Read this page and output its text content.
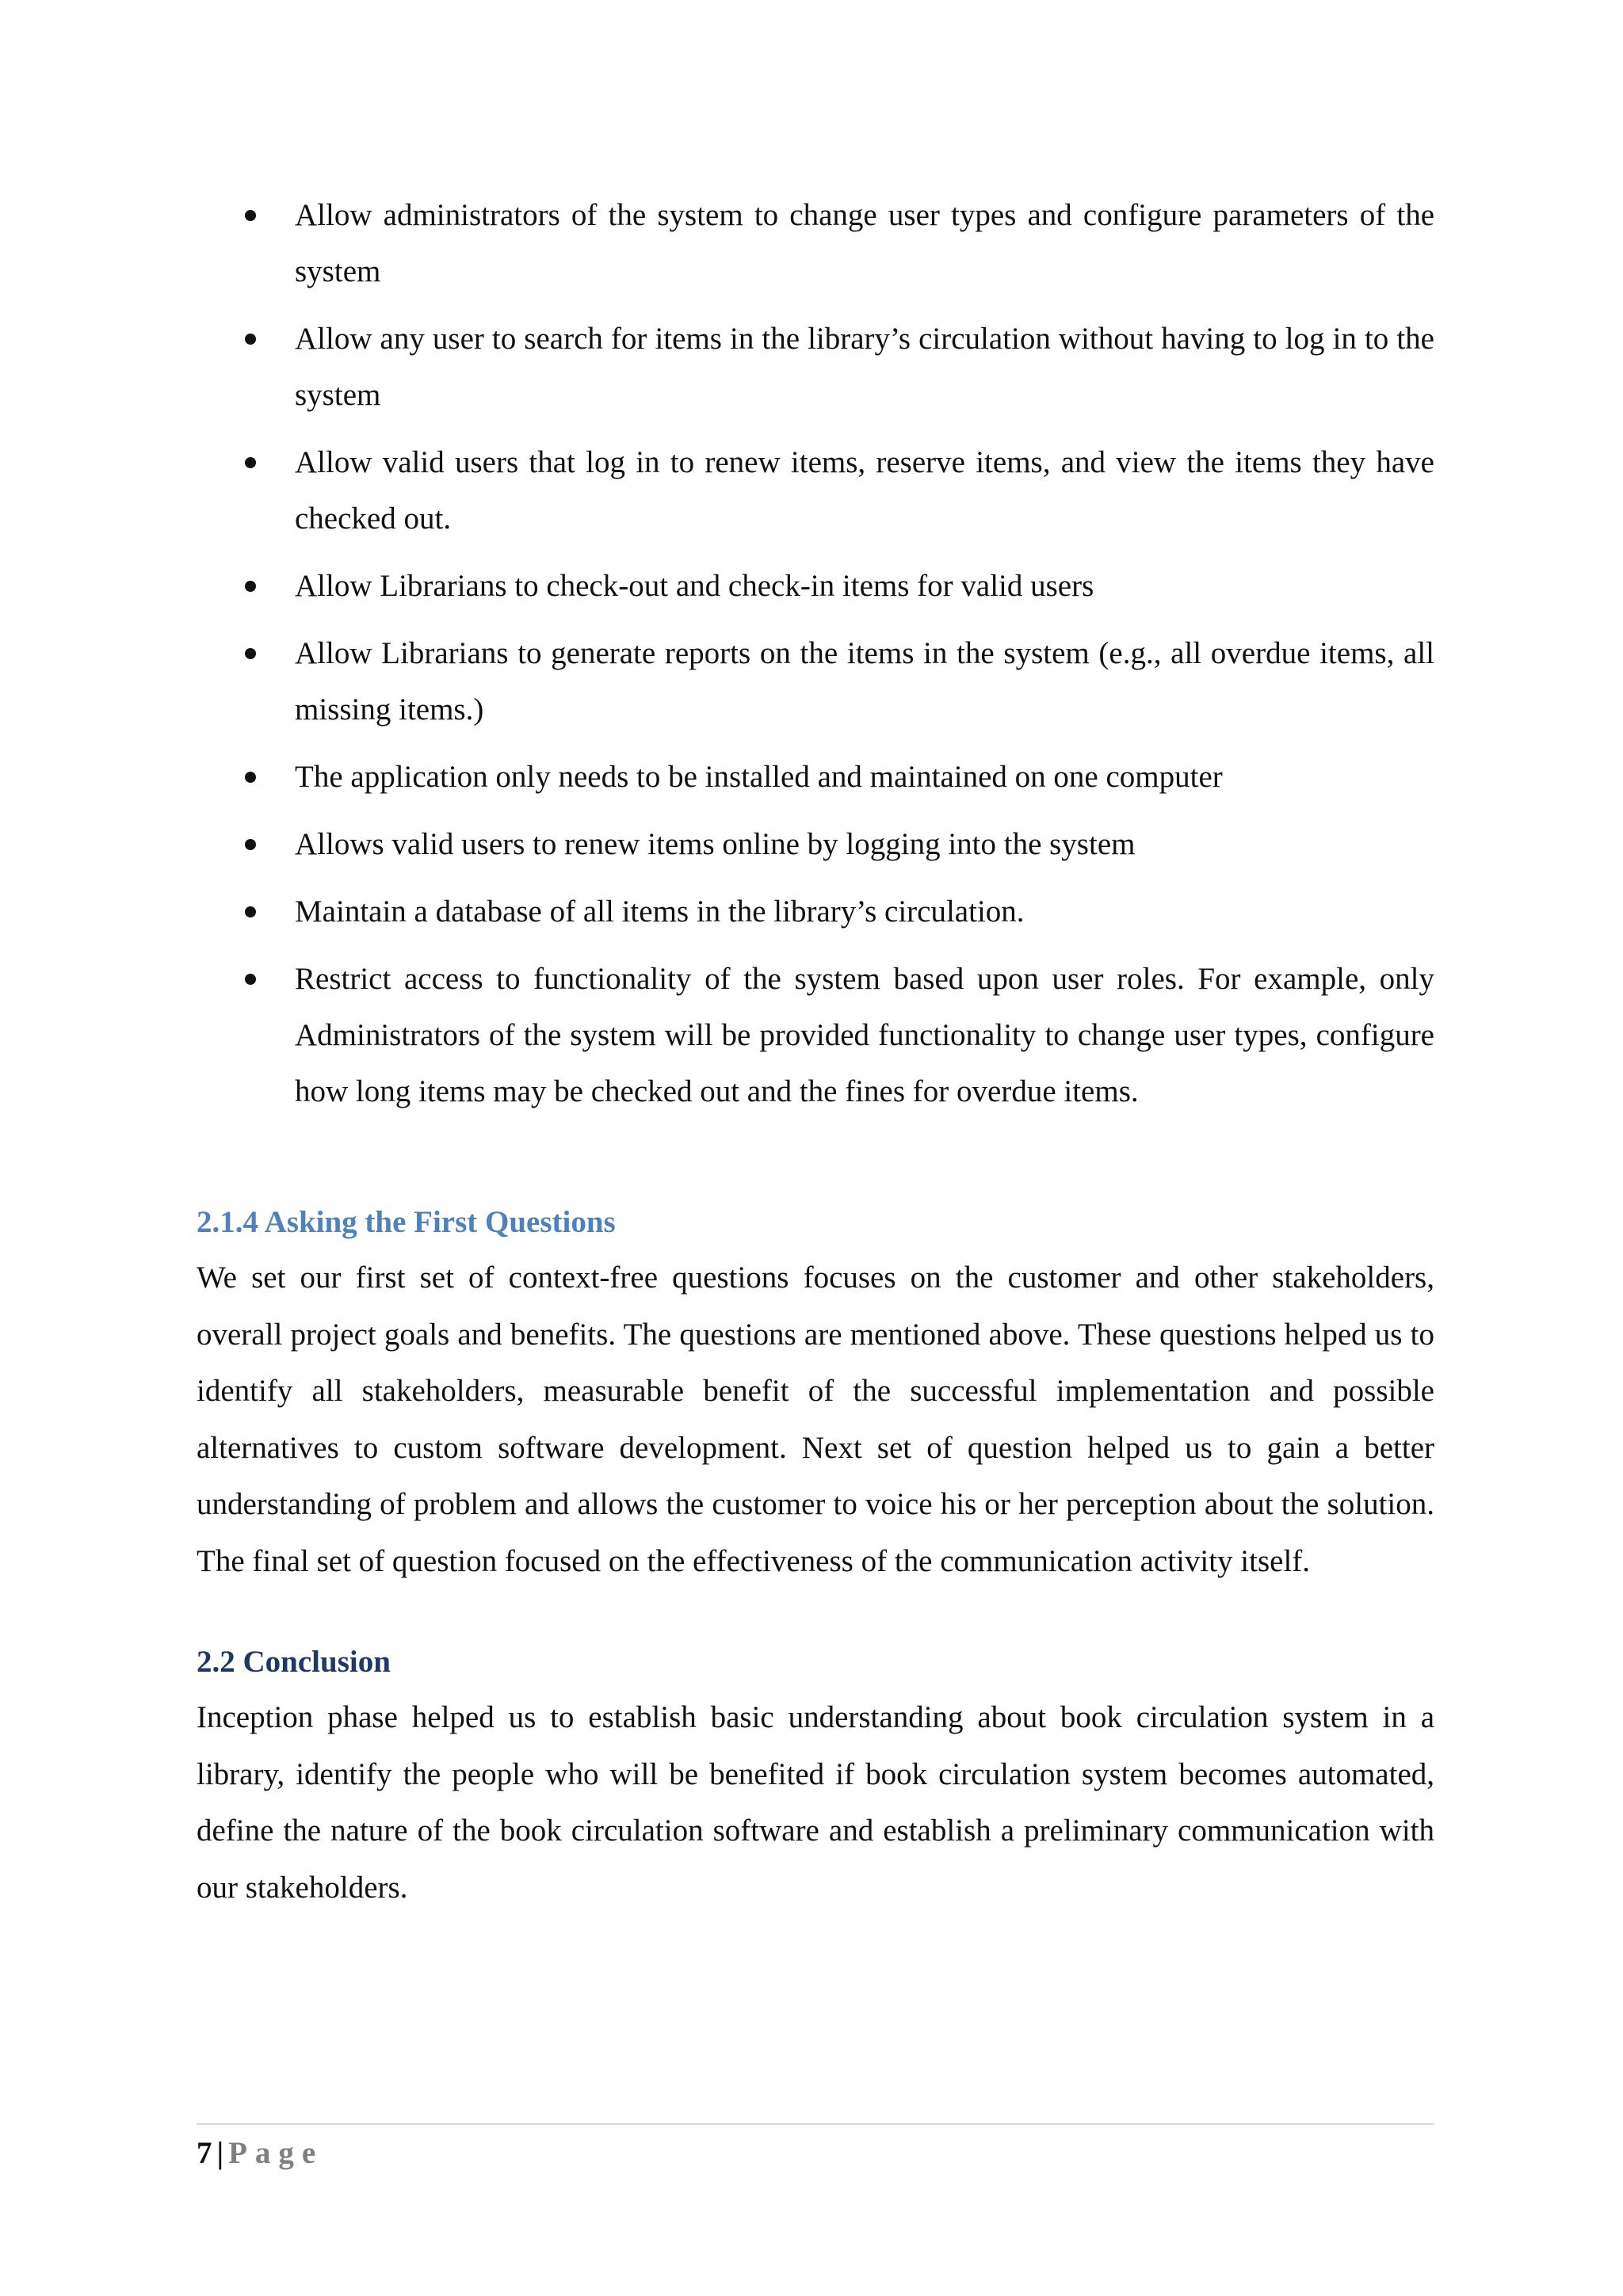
Allow administrators of the system to change user types and configure parameters of the system
Allow any user to search for items in the library’s circulation without having to log in to the system
Allow valid users that log in to renew items, reserve items, and view the items they have checked out.
Allow Librarians to check-out and check-in items for valid users
Allow Librarians to generate reports on the items in the system (e.g., all overdue items, all missing items.)
The application only needs to be installed and maintained on one computer
Allows valid users to renew items online by logging into the system
Maintain a database of all items in the library’s circulation.
Restrict access to functionality of the system based upon user roles. For example, only Administrators of the system will be provided functionality to change user types, configure how long items may be checked out and the fines for overdue items.
2.1.4 Asking the First Questions

We set our first set of context-free questions focuses on the customer and other stakeholders, overall project goals and benefits. The questions are mentioned above. These questions helped us to identify all stakeholders, measurable benefit of the successful implementation and possible alternatives to custom software development. Next set of question helped us to gain a better understanding of problem and allows the customer to voice his or her perception about the solution. The final set of question focused on the effectiveness of the communication activity itself.

2.2 Conclusion

Inception phase helped us to establish basic understanding about book circulation system in a library, identify the people who will be benefited if book circulation system becomes automated, define the nature of the book circulation software and establish a preliminary communication with our stakeholders.

7 | Page
